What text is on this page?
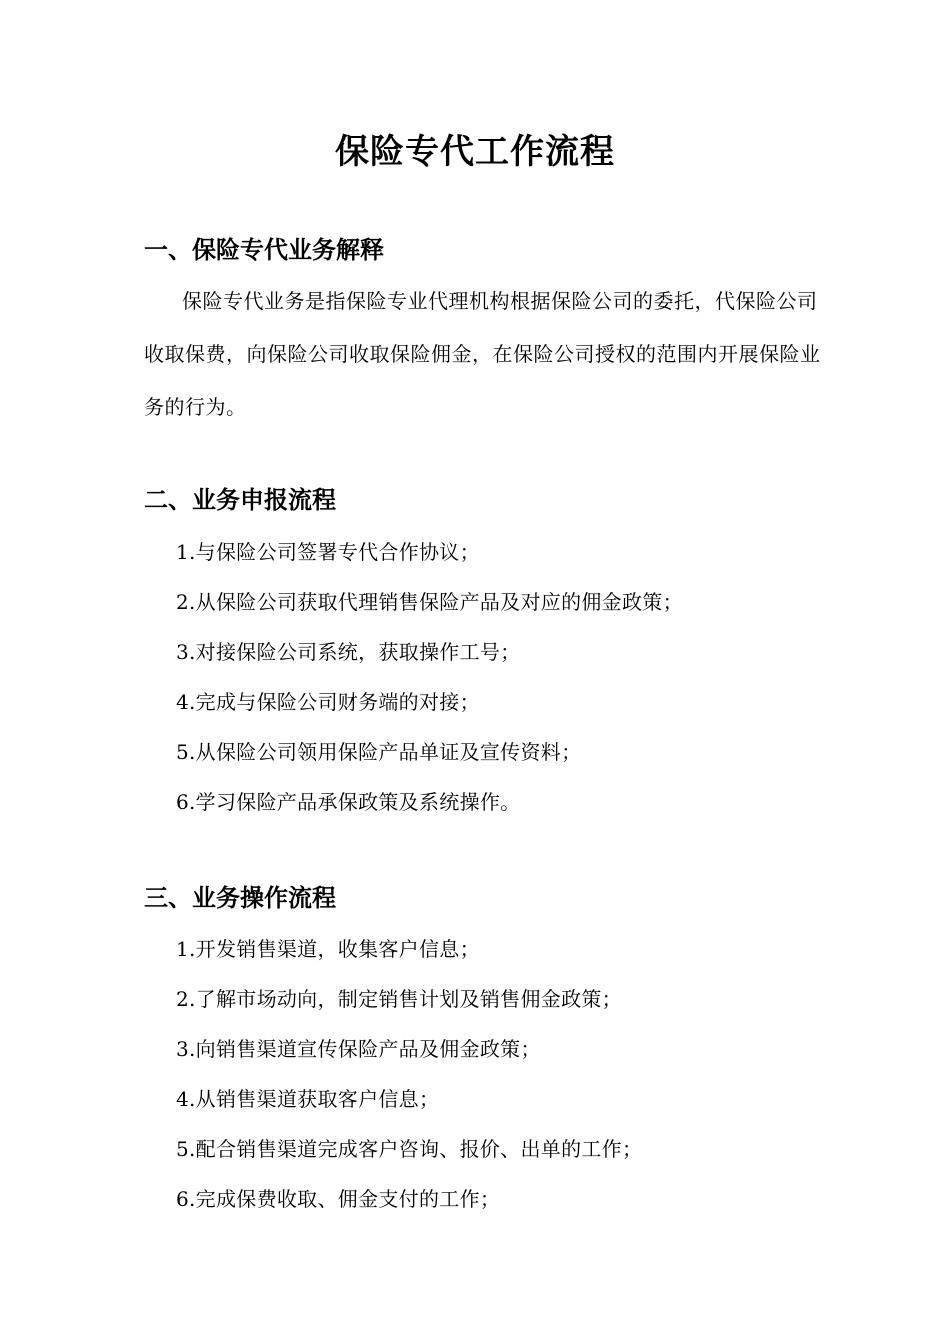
保险专代工作流程
一、保险专代业务解释

保险专代业务是指保险专业代理机构根据保险公司的委托，代保险公司收取保费，向保险公司收取保险佣金，在保险公司授权的范围内开展保险业务的行为。

二、业务申报流程
1.与保险公司签署专代合作协议；
2.从保险公司获取代理销售保险产品及对应的佣金政策；
3.对接保险公司系统，获取操作工号；
4.完成与保险公司财务端的对接；
5.从保险公司领用保险产品单证及宣传资料；
6.学习保险产品承保政策及系统操作。
三、业务操作流程
1.开发销售渠道，收集客户信息；
2.了解市场动向，制定销售计划及销售佣金政策；
3.向销售渠道宣传保险产品及佣金政策；
4.从销售渠道获取客户信息；
5.配合销售渠道完成客户咨询、报价、出单的工作；
6.完成保费收取、佣金支付的工作；
